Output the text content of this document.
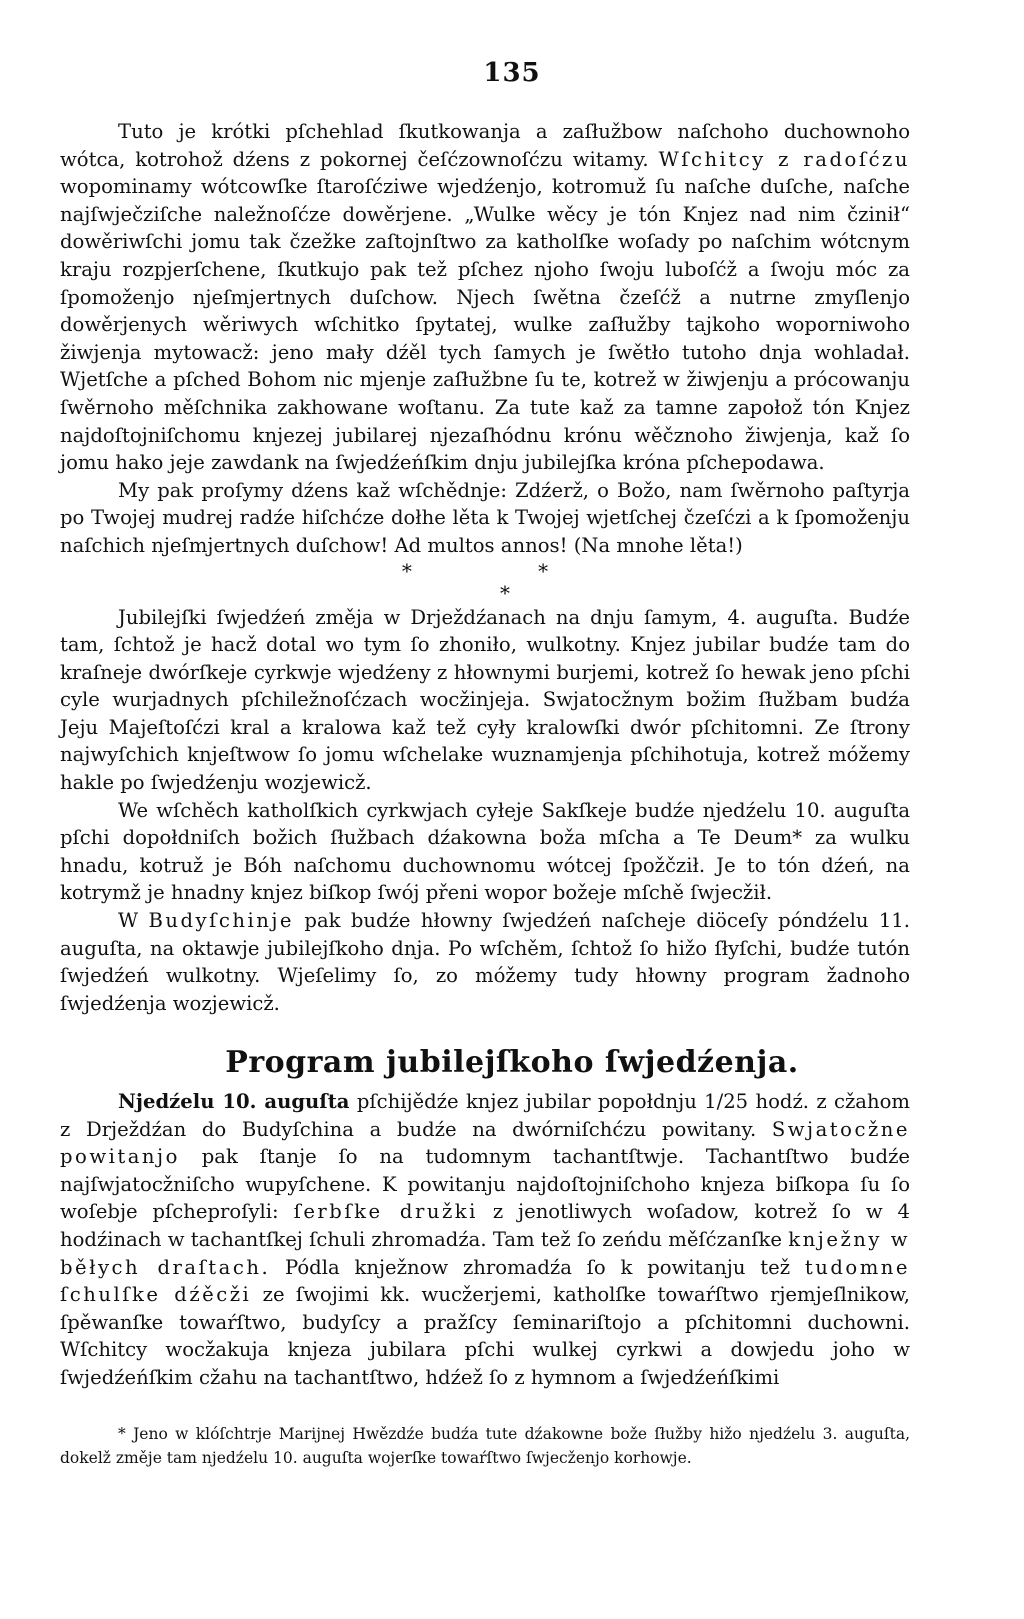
135

Tuto je krótki pſchehlad ſkutkowanja a zaſłužbow naſchoho duchownoho wótca, kotrohož dźens z pokornej čeſćzownoſćzu witamy. Wſchitcy z radoſćzu wopominamy wótcowſke ſtaroſćziwe wjedźenjo, kotromuž ſu naſche duſche, naſche najſwječziſche naležnoſćze dowěrjene. „Wulke wěcy je tón Knjez nad nim čzinił“ dowěriwſchi jomu tak čzežke zaſtojnſtwo za katholſke woſady po naſchim wótcnym kraju rozpjerſchene, ſkutkujo pak tež pſchez njoho ſwoju luboſćž a ſwoju móc za ſpomoženjo njeſmjertnych duſchow. Njech ſwětna čzeſćž a nutrne zmyſlenjo dowěrjenych wěriwych wſchitko ſpytatej, wulke zaſłužby tajkoho woporniwoho žiwjenja mytowacž: jeno mały dźěl tych ſamych je ſwětło tutoho dnja wohladał. Wjetſche a pſched Bohom nic mjenje zaſłužbne ſu te, kotrež w žiwjenju a prócowanju ſwěrnoho měſchnika zakhowane woſtanu. Za tute kaž za tamne zapołož tón Knjez najdoſtojniſchomu knjezej jubilarej njezaſhódnu krónu wěčznoho žiwjenja, kaž ſo jomu hako jeje zawdank na ſwjedźeńſkim dnju jubilejſka króna pſchepodawa.

My pak proſymy dźens kaž wſchědnje: Zdźerž, o Božo, nam ſwěrnoho paſtyrja po Twojej mudrej radźe hiſchćze dołhe lěta k Twojej wjetſchej čzeſćzi a k ſpomoženju naſchich njeſmjertnych duſchow! Ad multos annos! (Na mnohe lěta!)

* *
*

Jubilejſki ſwjedźeń změja w Drježdźanach na dnju ſamym, 4. auguſta. Budźe tam, ſchtož je hacž dotal wo tym ſo zhoniło, wulkotny. Knjez jubilar budźe tam do kraſneje dwórſkeje cyrkwje wjedźeny z hłownymi burjemi, kotrež ſo hewak jeno pſchi cyle wurjadnych pſchiležnoſćzach wocžinjeja. Swjatocžnym božim ſłužbam budźa Jeju Majeſtoſćzi kral a kralowa kaž tež cyły kralowſki dwór pſchitomni. Ze ſtrony najwyſchich knjeſtwow ſo jomu wſchelake wuznamjenja pſchihotuja, kotrež móžemy hakle po ſwjedźenju wozjewicž.

We wſchěch katholſkich cyrkwjach cyłeje Sakſkeje budźe njedźelu 10. auguſta pſchi dopołdniſch božich ſłužbach dźakowna boža mſcha a Te Deum* za wulku hnadu, kotruž je Bóh naſchomu duchownomu wótcej ſpožčził. Je to tón dźeń, na kotrymž je hnadny knjez biſkop ſwój přeni wopor božeje mſchě ſwjecžił.

W Budyſchinje pak budźe hłowny ſwjedźeń naſcheje diöceſy póndźelu 11. auguſta, na oktawje jubilejſkoho dnja. Po wſchěm, ſchtož ſo hižo ſłyſchi, budźe tutón ſwjedźeń wulkotny. Wjeſelimy ſo, zo móžemy tudy hłowny program žadnoho ſwjedźenja wozjewicž.

Program jubilejſkoho ſwjedźenja.

Njedźelu 10. auguſta pſchijědźe knjez jubilar popołdnju 1/25 hodź. z cžahom z Drježdźan do Budyſchina a budźe na dwórniſchćzu powitany. Swjatocžne powitanjo pak ſtanje ſo na tudomnym tachantſtwje. Tachantſtwo budźe najſwjatocžniſcho wupyſchene. K powitanju najdoſtojniſchoho knjeza biſkopa ſu ſo woſebje pſcheproſyli: ſerbſke družki z jenotliwych woſadow, kotrež ſo w 4 hodźinach w tachantſkej ſchuli zhromadźa. Tam tež ſo zeńdu měſćzanſke knježny w běłych draſtach. Pódla knježnow zhromadźa ſo k powitanju tež tudomne ſchulſke dźěcži ze ſwojimi kk. wucžerjemi, katholſke towaŕſtwo rjemjeſlnikow, ſpěwanſke towaŕſtwo, budyſcy a pražſcy ſeminariſtojo a pſchitomni duchowni. Wſchitcy wocžakuja knjeza jubilara pſchi wulkej cyrkwi a dowjedu joho w ſwjedźeńſkim cžahu na tachantſtwo, hdźež ſo z hymnom a ſwjedźeńſkimi

* Jeno w klóſchtrje Marijnej Hwězdźe budźa tute dźakowne bože ſłužby hižo njedźelu 3. auguſta, dokelž změje tam njedźelu 10. auguſta wojerſke towaŕſtwo ſwjecženjo korhowje.
